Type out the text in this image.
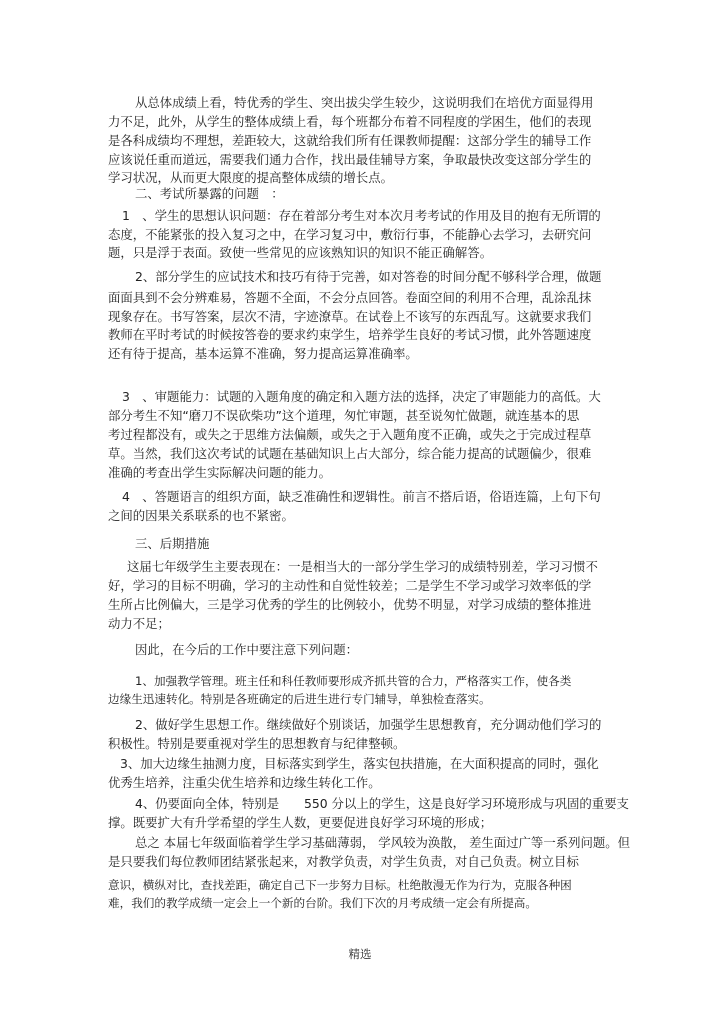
从总体成绩上看，特优秀的学生、突出拔尖学生较少，这说明我们在培优方面显得用
力不足，此外，从学生的整体成绩上看，每个班都分布着不同程度的学困生，他们的表现
是各科成绩均不理想，差距较大，这就给我们所有任课教师提醒：这部分学生的辅导工作
应该说任重而道远，需要我们通力合作，找出最佳辅导方案，争取最快改变这部分学生的
学习状况，从而更大限度的提高整体成绩的增长点。
二、考试所暴露的问题　：
1　、学生的思想认识问题：存在着部分考生对本次月考考试的作用及目的抱有无所谓的
态度，不能紧张的投入复习之中，在学习复习中，敷衍行事，不能静心去学习，去研究问
题，只是浮于表面。致使一些常见的应该熟知识的知识不能正确解答。
2、部分学生的应试技术和技巧有待于完善，如对答卷的时间分配不够科学合理，做题
面面具到不会分辨难易，答题不全面，不会分点回答。卷面空间的利用不合理，乱涂乱抹
现象存在。书写答案，层次不清，字迹潦草。在试卷上不该写的东西乱写。这就要求我们
教师在平时考试的时候按答卷的要求约束学生，培养学生良好的考试习惯，此外答题速度
还有待于提高，基本运算不准确，努力提高运算准确率。
3　、审题能力：试题的入题角度的确定和入题方法的选择，决定了审题能力的高低。大
部分考生不知“磨刀不误砍柴功”这个道理，匆忙审题，甚至说匆忙做题，就连基本的思
考过程都没有，或失之于思维方法偏颇，或失之于入题角度不正确，或失之于完成过程草
草。当然，我们这次考试的试题在基础知识上占大部分，综合能力提高的试题偏少，很难
准确的考查出学生实际解决问题的能力。
4　、答题语言的组织方面，缺乏准确性和逻辑性。前言不搭后语，俗语连篇，上句下句
之间的因果关系联系的也不紧密。
三、后期措施
这届七年级学生主要表现在：一是相当大的一部分学生学习的成绩特别差，学习习惯不
好，学习的目标不明确，学习的主动性和自觉性较差；二是学生不学习或学习效率低的学
生所占比例偏大，三是学习优秀的学生的比例较小，优势不明显，对学习成绩的整体推进
动力不足；
因此，在今后的工作中要注意下列问题：
1、加强教学管理。班主任和科任教师要形成齐抓共管的合力，严格落实工作，使各类
边缘生迅速转化。特别是各班确定的后进生进行专门辅导，单独检查落实。
2、做好学生思想工作。继续做好个别谈话，加强学生思想教育，充分调动他们学习的
积极性。特别是要重视对学生的思想教育与纪律整顿。
3、加大边缘生抽测力度，目标落实到学生，落实包扶措施，在大面积提高的同时，强化
优秀生培养，注重尖优生培养和边缘生转化工作。
4、仍要面向全体，特别是　　550 分以上的学生，这是良好学习环境形成与巩固的重要支
撑。既要扩大有升学希望的学生人数，更要促进良好学习环境的形成；
总之 本届七年级面临着学生学习基础薄弱， 学风较为涣散， 差生面过广等一系列问题。但
是只要我们每位教师团结紧张起来，对教学负责，对学生负责，对自己负责。树立目标
意识，横纵对比，查找差距，确定自己下一步努力目标。杜绝散漫无作为行为，克服各种困
难，我们的教学成绩一定会上一个新的台阶。我们下次的月考成绩一定会有所提高。
精选
